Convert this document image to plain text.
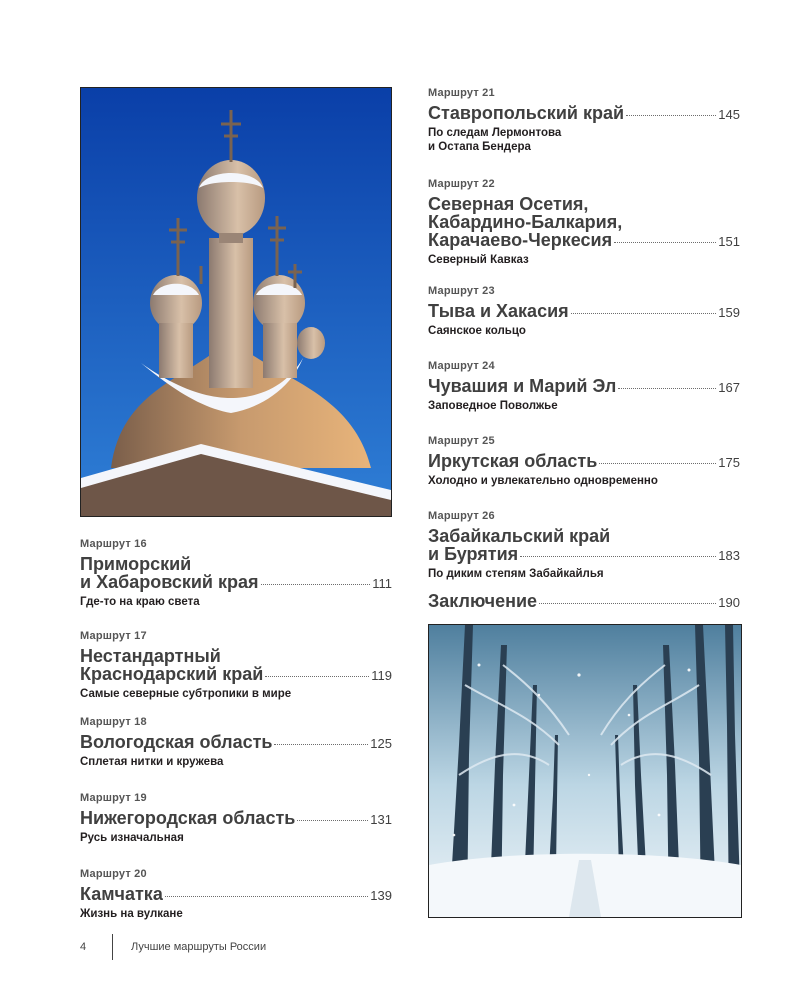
Маршрут 16
Приморский
и Хабаровский края	111
Где-то на краю света
Маршрут 17
Нестандартный
Краснодарский край	119
Самые северные субтропики в мире
Маршрут 18
Вологодская область	125
Сплетая нитки и кружева
Маршрут 19
Нижегородская область	131
Русь изначальная
Маршрут 20
Камчатка	139
Жизнь на вулкане
Маршрут 21
Ставропольский край	145
По следам Лермонтова
и Остапа Бендера
Маршрут 22
Северная Осетия,
Кабардино-Балкария,
Карачаево-Черкесия	151
Северный Кавказ
Маршрут 23
Тыва и Хакасия	159
Саянское кольцо
Маршрут 24
Чувашия и Марий Эл	167
Заповедное Поволжье
Маршрут 25
Иркутская область	175
Холодно и увлекательно одновременно
Маршрут 26
Забайкальский край
и Бурятия	183
По диким степям Забайкайлья
Заключение	190
4	Лучшие маршруты России
